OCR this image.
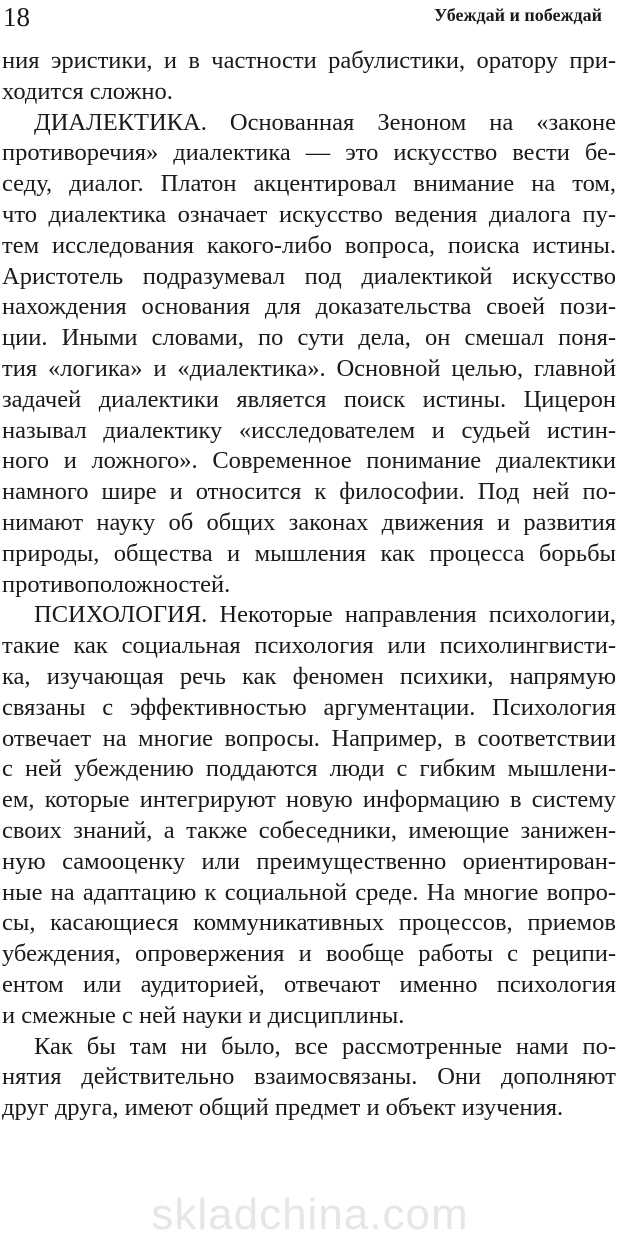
18	Убеждай и побеждай
ния эристики, и в частности рабулистики, оратору при-
ходится сложно.
ДИАЛЕКТИКА. Основанная Зеноном на «законе
противоречия» диалектика — это искусство вести бе-
седу, диалог. Платон акцентировал внимание на том,
что диалектика означает искусство ведения диалога пу-
тем исследования какого-либо вопроса, поиска истины.
Аристотель подразумевал под диалектикой искусство
нахождения основания для доказательства своей пози-
ции. Иными словами, по сути дела, он смешал поня-
тия «логика» и «диалектика». Основной целью, главной
задачей диалектики является поиск истины. Цицерон
называл диалектику «исследователем и судьей истин-
ного и ложного». Современное понимание диалектики
намного шире и относится к философии. Под ней по-
нимают науку об общих законах движения и развития
природы, общества и мышления как процесса борьбы
противоположностей.
ПСИХОЛОГИЯ. Некоторые направления психологии,
такие как социальная психология или психолингвисти-
ка, изучающая речь как феномен психики, напрямую
связаны с эффективностью аргументации. Психология
отвечает на многие вопросы. Например, в соответствии
с ней убеждению поддаются люди с гибким мышлени-
ем, которые интегрируют новую информацию в систему
своих знаний, а также собеседники, имеющие занижен-
ную самооценку или преимущественно ориентирован-
ные на адаптацию к социальной среде. На многие вопро-
сы, касающиеся коммуникативных процессов, приемов
убеждения, опровержения и вообще работы с реципи-
ентом или аудиторией, отвечают именно психология
и смежные с ней науки и дисциплины.
Как бы там ни было, все рассмотренные нами по-
нятия действительно взаимосвязаны. Они дополняют
друг друга, имеют общий предмет и объект изучения.
skladchina.com
